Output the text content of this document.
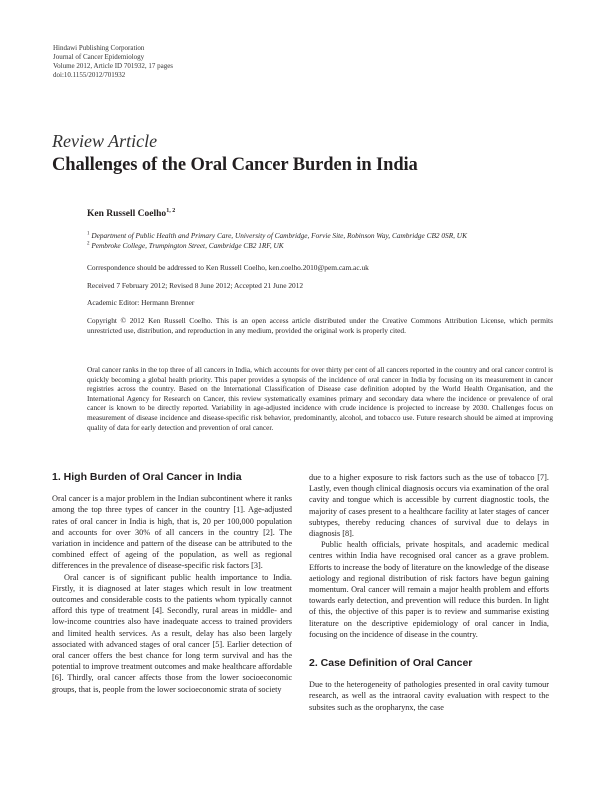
Hindawi Publishing Corporation
Journal of Cancer Epidemiology
Volume 2012, Article ID 701932, 17 pages
doi:10.1155/2012/701932
Review Article
Challenges of the Oral Cancer Burden in India
Ken Russell Coelho$^{1, 2}$
$^1$ Department of Public Health and Primary Care, University of Cambridge, Forvie Site, Robinson Way, Cambridge CB2 0SR, UK
$^2$ Pembroke College, Trumpington Street, Cambridge CB2 1RF, UK
Correspondence should be addressed to Ken Russell Coelho, ken.coelho.2010@pem.cam.ac.uk
Received 7 February 2012; Revised 8 June 2012; Accepted 21 June 2012
Academic Editor: Hermann Brenner
Copyright © 2012 Ken Russell Coelho. This is an open access article distributed under the Creative Commons Attribution License, which permits unrestricted use, distribution, and reproduction in any medium, provided the original work is properly cited.
Oral cancer ranks in the top three of all cancers in India, which accounts for over thirty per cent of all cancers reported in the country and oral cancer control is quickly becoming a global health priority. This paper provides a synopsis of the incidence of oral cancer in India by focusing on its measurement in cancer registries across the country. Based on the International Classification of Disease case definition adopted by the World Health Organisation, and the International Agency for Research on Cancer, this review systematically examines primary and secondary data where the incidence or prevalence of oral cancer is known to be directly reported. Variability in age-adjusted incidence with crude incidence is projected to increase by 2030. Challenges focus on measurement of disease incidence and disease-specific risk behavior, predominantly, alcohol, and tobacco use. Future research should be aimed at improving quality of data for early detection and prevention of oral cancer.
1. High Burden of Oral Cancer in India

Oral cancer is a major problem in the Indian subcontinent where it ranks among the top three types of cancer in the country [1]. Age-adjusted rates of oral cancer in India is high, that is, 20 per 100,000 population and accounts for over 30% of all cancers in the country [2]. The variation in incidence and pattern of the disease can be attributed to the combined effect of ageing of the population, as well as regional differences in the prevalence of disease-specific risk factors [3].

Oral cancer is of significant public health importance to India. Firstly, it is diagnosed at later stages which result in low treatment outcomes and considerable costs to the patients whom typically cannot afford this type of treatment [4]. Secondly, rural areas in middle- and low-income countries also have inadequate access to trained providers and limited health services. As a result, delay has also been largely associated with advanced stages of oral cancer [5]. Earlier detection of oral cancer offers the best chance for long term survival and has the potential to improve treatment outcomes and make healthcare affordable [6]. Thirdly, oral cancer affects those from the lower socioeconomic groups, that is, people from the lower socioeconomic strata of society

due to a higher exposure to risk factors such as the use of tobacco [7]. Lastly, even though clinical diagnosis occurs via examination of the oral cavity and tongue which is accessible by current diagnostic tools, the majority of cases present to a healthcare facility at later stages of cancer subtypes, thereby reducing chances of survival due to delays in diagnosis [8].

Public health officials, private hospitals, and academic medical centres within India have recognised oral cancer as a grave problem. Efforts to increase the body of literature on the knowledge of the disease aetiology and regional distribution of risk factors have begun gaining momentum. Oral cancer will remain a major health problem and efforts towards early detection, and prevention will reduce this burden. In light of this, the objective of this paper is to review and summarise existing literature on the descriptive epidemiology of oral cancer in India, focusing on the incidence of disease in the country.

2. Case Definition of Oral Cancer

Due to the heterogeneity of pathologies presented in oral cavity tumour research, as well as the intraoral cavity evaluation with respect to the subsites such as the oropharynx, the case
